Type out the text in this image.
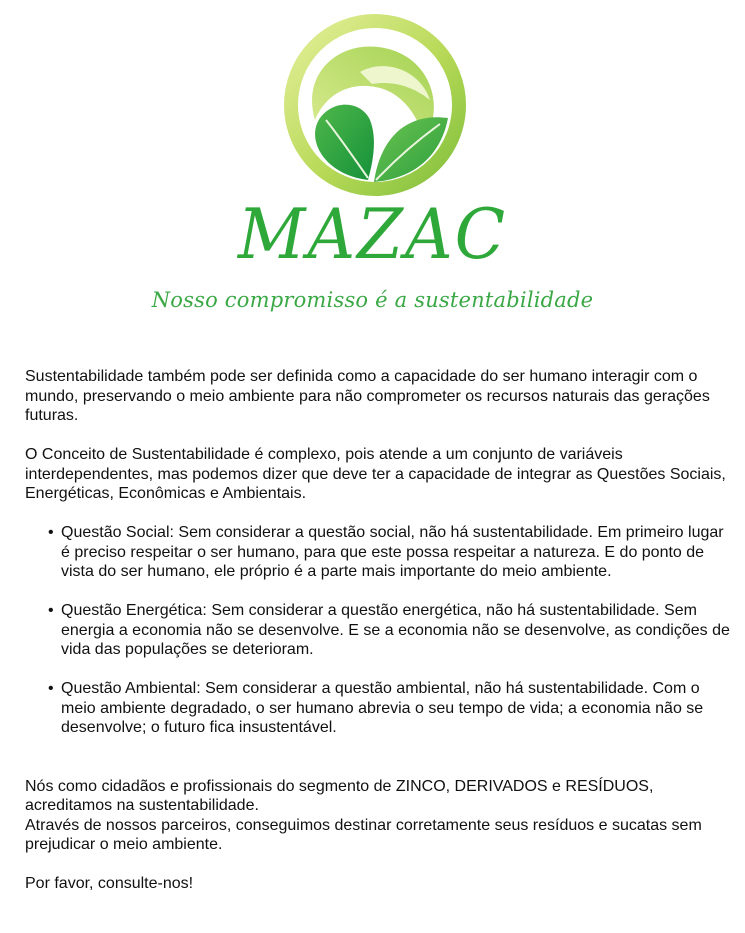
MAZAC
Nosso compromisso é a sustentabilidade

Sustentabilidade também pode ser definida como a capacidade do ser humano interagir com o mundo, preservando o meio ambiente para não comprometer os recursos naturais das gerações futuras.

O Conceito de Sustentabilidade é complexo, pois atende a um conjunto de variáveis interdependentes, mas podemos dizer que deve ter a capacidade de integrar as Questões Sociais, Energéticas, Econômicas e Ambientais.

• Questão Social: Sem considerar a questão social, não há sustentabilidade. Em primeiro lugar é preciso respeitar o ser humano, para que este possa respeitar a natureza. E do ponto de vista do ser humano, ele próprio é a parte mais importante do meio ambiente.
• Questão Energética: Sem considerar a questão energética, não há sustentabilidade. Sem energia a economia não se desenvolve. E se a economia não se desenvolve, as condições de vida das populações se deterioram.
• Questão Ambiental: Sem considerar a questão ambiental, não há sustentabilidade. Com o meio ambiente degradado, o ser humano abrevia o seu tempo de vida; a economia não se desenvolve; o futuro fica insustentável.

Nós como cidadãos e profissionais do segmento de ZINCO, DERIVADOS e RESÍDUOS, acreditamos na sustentabilidade.

Através de nossos parceiros, conseguimos destinar corretamente seus resíduos e sucatas sem prejudicar o meio ambiente.

Por favor, consulte-nos!
